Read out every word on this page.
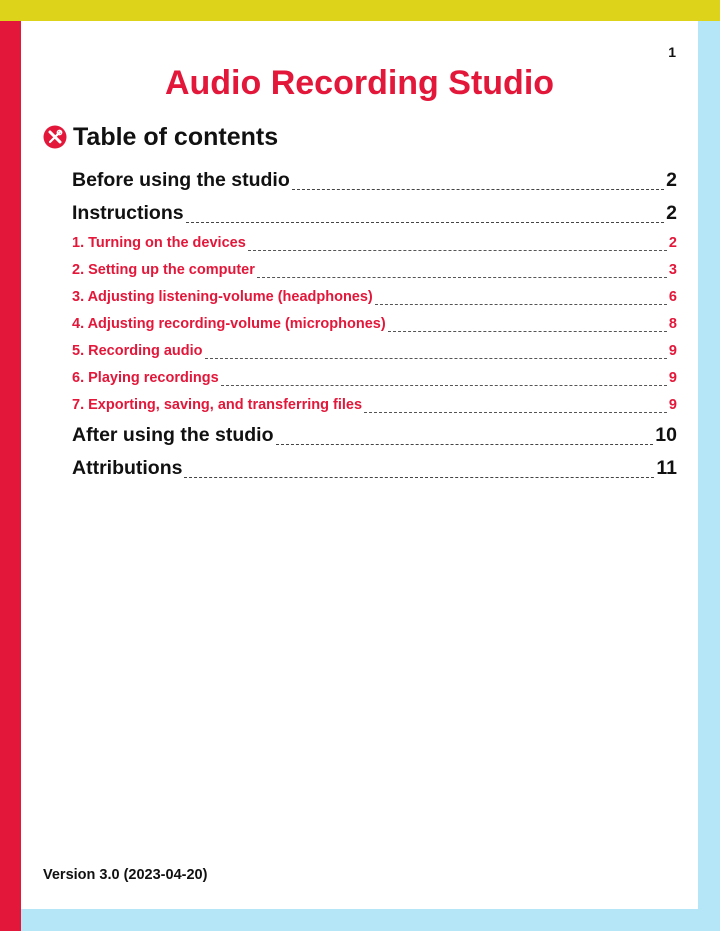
1
Audio Recording Studio
Table of contents
Before using the studio	2
Instructions	2
1. Turning on the devices	2
2. Setting up the computer	3
3. Adjusting listening-volume (headphones)	6
4. Adjusting recording-volume (microphones)	8
5. Recording audio	9
6. Playing recordings	9
7. Exporting, saving, and transferring files	9
After using the studio	10
Attributions	11
Version 3.0 (2023-04-20)
